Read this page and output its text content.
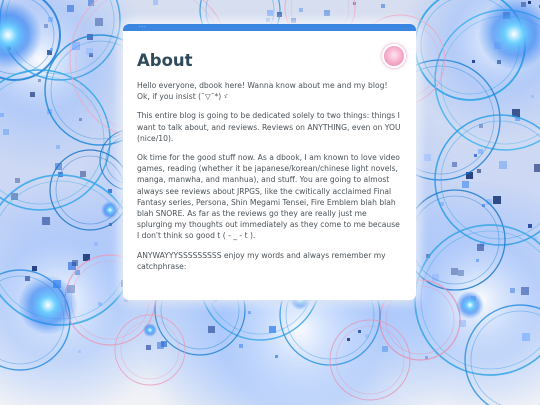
···
About

Hello everyone, dbook here! Wanna know about me and my blog! Ok, if you insist (¯▽¯*)ゞ

This entire blog is going to be dedicated solely to two things: things I want to talk about, and reviews. Reviews on ANYTHING, even on YOU (nice/10).

Ok time for the good stuff now. As a dbook, I am known to love video games, reading (whether it be japanese/korean/chinese light novels, manga, manwha, and manhua), and stuff. You are going to almost always see reviews about JRPGS, like the cwitically acclaimed Final Fantasy series, Persona, Shin Megami Tensei, Fire Emblem blah blah blah SNORE. As far as the reviews go they are really just me splurging my thoughts out immediately as they come to me because I don't think so good t ( - _ - t ).

ANYWAYYYSSSSSSSSS enjoy my words and always remember my catchphrase:
